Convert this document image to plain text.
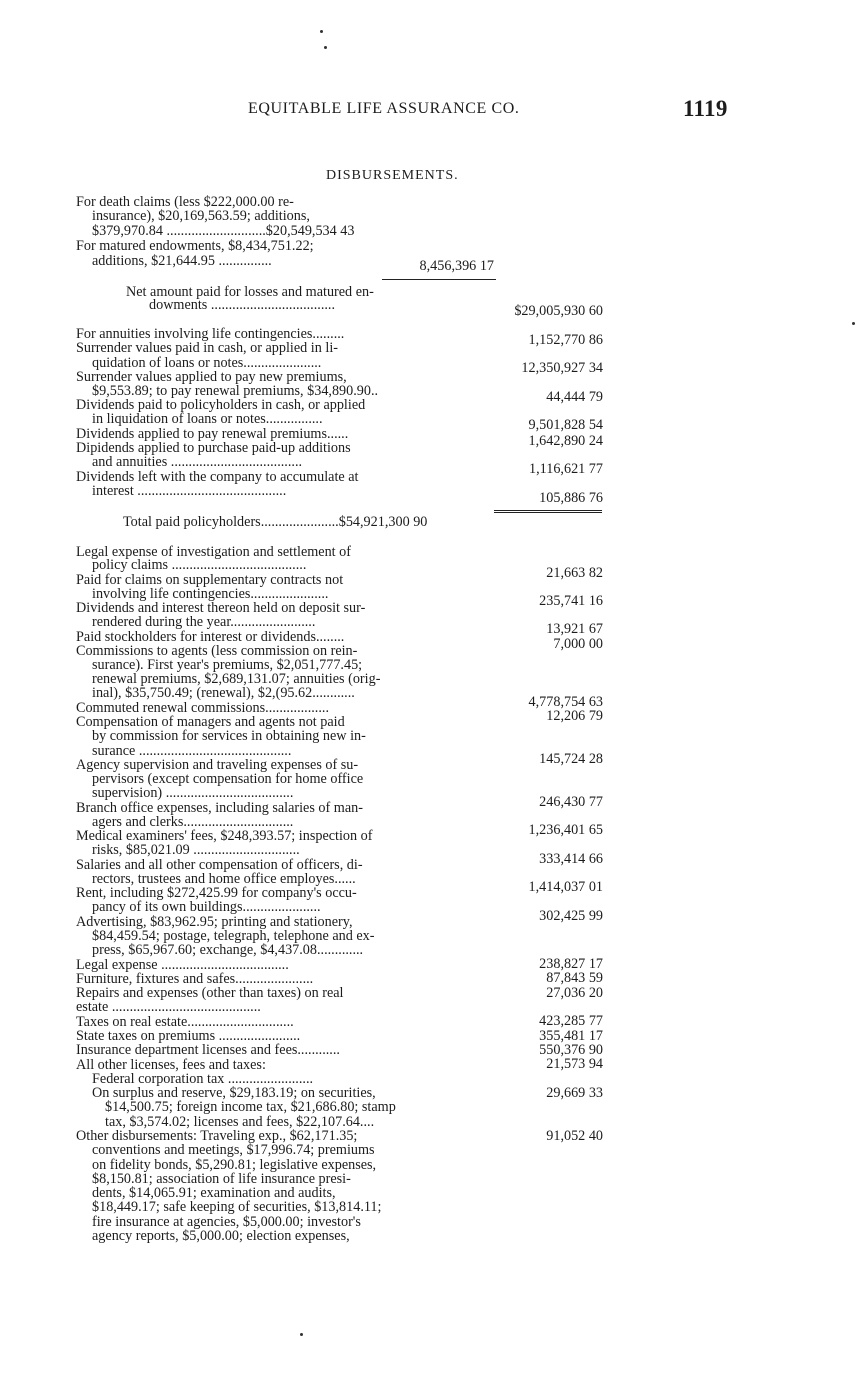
EQUITABLE LIFE ASSURANCE CO.	1119
DISBURSEMENTS.
For death claims (less $222,000.00 re-
insurance), $20,169,563.59; additions,
$379,970.84 ............................$20,549,534 43
For matured endowments, $8,434,751.22;
additions, $21,644.95 ...............
Net amount paid for losses and matured en-
dowments ...................................
For annuities involving life contingencies.........
Surrender values paid in cash, or applied in li-
quidation of loans or notes......................
Surrender values applied to pay new premiums,
$9,553.89; to pay renewal premiums, $34,890.90..
Dividends paid to policyholders in cash, or applied
in liquidation of loans or notes................
Dividends applied to pay renewal premiums......
Dipidends applied to purchase paid-up additions
and annuities .....................................
Dividends left with the company to accumulate at
interest ..........................................
Total paid policyholders......................$54,921,300 90
Legal expense of investigation and settlement of
policy claims ......................................
Paid for claims on supplementary contracts not
involving life contingencies......................
Dividends and interest thereon held on deposit sur-
rendered during the year........................
Paid stockholders for interest or dividends........
Commissions to agents (less commission on rein-
surance). First year's premiums, $2,051,777.45;
renewal premiums, $2,689,131.07; annuities (orig-
inal), $35,750.49; (renewal), $2,(95.62............
Commuted renewal commissions..................
Compensation of managers and agents not paid
by commission for services in obtaining new in-
surance ...........................................
Agency supervision and traveling expenses of su-
pervisors (except compensation for home office
supervision) ....................................
Branch office expenses, including salaries of man-
agers and clerks...............................
Medical examiners' fees, $248,393.57; inspection of
risks, $85,021.09 ..............................
Salaries and all other compensation of officers, di-
rectors, trustees and home office employes......
Rent, including $272,425.99 for company's occu-
pancy of its own buildings......................
Advertising, $83,962.95; printing and stationery,
$84,459.54; postage, telegraph, telephone and ex-
press, $65,967.60; exchange, $4,437.08.............
Legal expense ....................................
Furniture, fixtures and safes......................
Repairs and expenses (other than taxes) on real
estate ..........................................
Taxes on real estate..............................
State taxes on premiums .......................
Insurance department licenses and fees............
All other licenses, fees and taxes:
Federal corporation tax ........................
On surplus and reserve, $29,183.19; on securities,
$14,500.75; foreign income tax, $21,686.80; stamp
tax, $3,574.02; licenses and fees, $22,107.64....
Other disbursements: Traveling exp., $62,171.35;
conventions and meetings, $17,996.74; premiums
on fidelity bonds, $5,290.81; legislative expenses,
$8,150.81; association of life insurance presi-
dents, $14,065.91; examination and audits,
$18,449.17; safe keeping of securities, $13,814.11;
fire insurance at agencies, $5,000.00; investor's
agency reports, $5,000.00; election expenses,
8,456,396 17
$29,005,930 60
1,152,770 86
12,350,927 34
44,444 79
9,501,828 54
1,642,890 24
1,116,621 77
105,886 76
21,663 82
235,741 16
13,921 67
7,000 00
4,778,754 63
12,206 79
145,724 28
246,430 77
1,236,401 65
333,414 66
1,414,037 01
302,425 99
238,827 17
87,843 59
27,036 20
423,285 77
355,481 17
550,376 90
21,573 94
29,669 33
91,052 40
